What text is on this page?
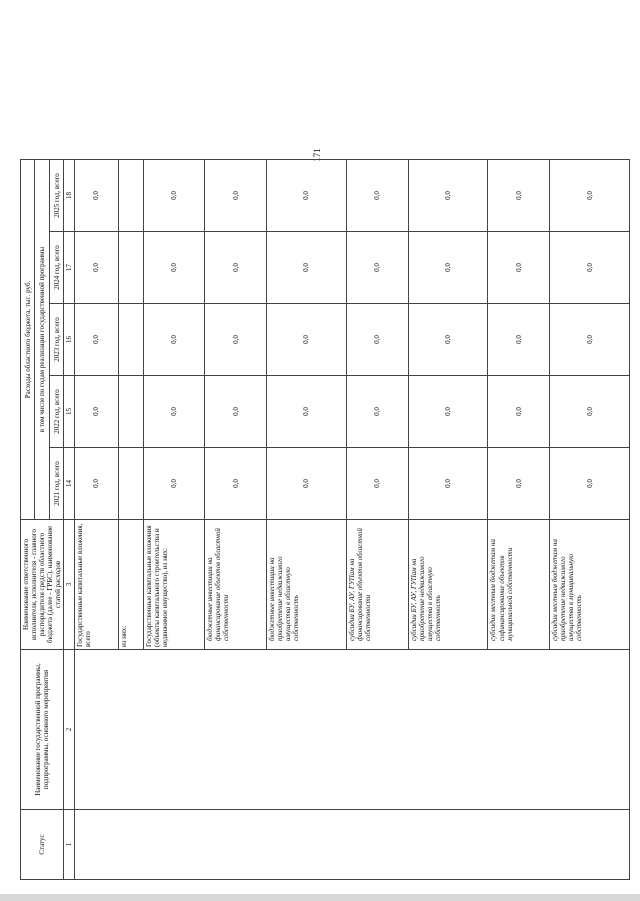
171
Статус	Наименование государственной программы, подпрограммы, основного мероприятия	Наименование ответственного исполнителя, исполнителя - главного распорядителя средств областного бюджета (далее - ГРБС), наименование статей расходов	Расходы областного бюджета, тыс. руб.				
			в том числе по годам реализации государственной программы				
			2021 год, всего	2022 год, всего	2023 год, всего	2024 год, всего	2025 год, всего
1	2	3	14	15	16	17	18
		Государственные капитальные вложения, всего	0,0	0,0	0,0	0,0	0,0
		из них:					
		Государственные капитальные вложения (объекты капитального строительства и недвижимое имущество), из них:	0,0	0,0	0,0	0,0	0,0
		бюджетные инвестиции на финансирование объектов областной собственности	0,0	0,0	0,0	0,0	0,0
		бюджетные инвестиции на приобретение недвижимого имущества в областную собственность	0,0	0,0	0,0	0,0	0,0
		субсидии БУ, АУ, ГУПам на финансирование объектов областной собственности	0,0	0,0	0,0	0,0	0,0
		субсидии БУ, АУ, ГУПам на приобретение недвижимого имущества в областную собственность	0,0	0,0	0,0	0,0	0,0
		субсидии местным бюджетам на софинансирование объектов муниципальной собственности	0,0	0,0	0,0	0,0	0,0
		субсидии местным бюджетам на приобретение недвижимого имущества в муниципальную собственность	0,0	0,0	0,0	0,0	0,0
